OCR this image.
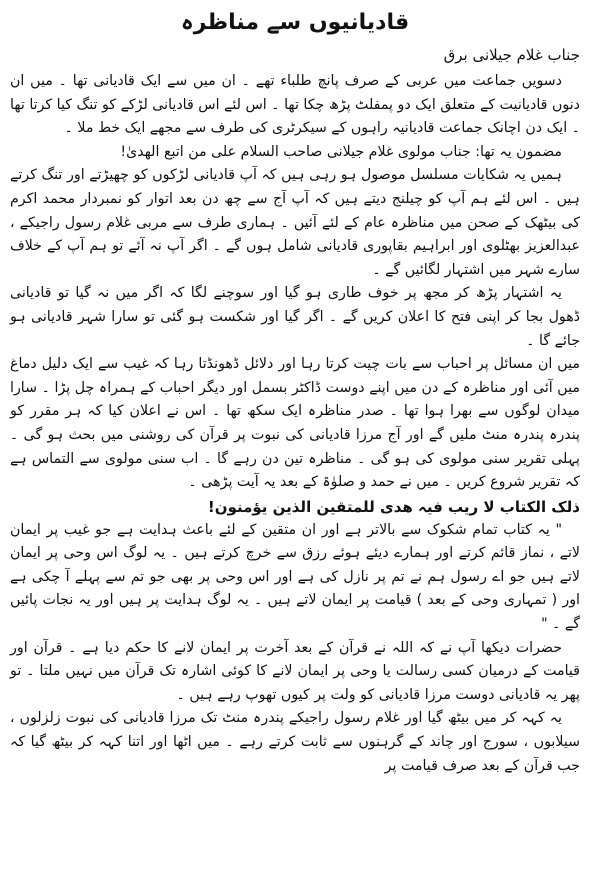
قادیانیوں سے مناظرہ
جناب غلام جیلانی برق

دسویں جماعت میں عربی کے صرف پانچ طلباء تھے ۔ ان میں سے ایک قادیانی تھا ۔ میں ان دنوں قادیانیت کے متعلق ایک دو پمفلٹ پڑھ چکا تھا ۔ اس لئے اس قادیانی لڑکے کو تنگ کیا کرتا تھا ۔ ایک دن اچانک جماعت قادیانیہ راہوں کے سیکرٹری کی طرف سے مجھے ایک خط ملا ۔

مضمون یہ تھا: جناب مولوی غلام جیلانی صاحب السلام علی من اتبع الھدیٰ!

ہمیں یہ شکایات مسلسل موصول ہو رہی ہیں کہ آپ قادیانی لڑکوں کو چھیڑتے اور تنگ کرتے ہیں ۔ اس لئے ہم آپ کو چیلنج دیتے ہیں کہ آپ آج سے چھ دن بعد اتوار کو نمبردار محمد اکرم کی بیٹھک کے صحن میں مناظرہ عام کے لئے آئیں ۔ ہماری طرف سے مربی غلام رسول راجیکے ، عبدالعزیز بھٹلوی اور ابراہیم بقاپوری قادیانی شامل ہوں گے ۔ اگر آپ نہ آئے تو ہم آپ کے خلاف سارے شہر میں اشتہار لگائیں گے ۔

یہ اشتہار پڑھ کر مجھ پر خوف طاری ہو گیا اور سوچنے لگا کہ اگر میں نہ گیا تو قادیانی ڈھول بجا کر اپنی فتح کا اعلان کریں گے ۔ اگر گیا اور شکست ہو گئی تو سارا شہر قادیانی ہو جائے گا ۔

میں ان مسائل پر احباب سے بات چیت کرتا رہا اور دلائل ڈھونڈتا رہا کہ غیب سے ایک دلیل دماغ میں آئی اور مناظرہ کے دن میں اپنے دوست ڈاکٹر بسمل اور دیگر احباب کے ہمراہ چل پڑا ۔ سارا میدان لوگوں سے بھرا ہوا تھا ۔ صدر مناظرہ ایک سکھ تھا ۔ اس نے اعلان کیا کہ ہر مقرر کو پندرہ پندرہ منٹ ملیں گے اور آج مرزا قادیانی کی نبوت پر قرآن کی روشنی میں بحث ہو گی ۔ پہلی تقریر سنی مولوی کی ہو گی ۔ مناظرہ تین دن رہے گا ۔ اب سنی مولوی سے التماس ہے کہ تقریر شروع کریں ۔ میں نے حمد و صلوٰۃ کے بعد یہ آیت پڑھی ۔

ذلک الکتاب لا ریب فیہ ھدی للمتقین الذین یؤمنون!

" یہ کتاب تمام شکوک سے بالاتر ہے اور ان متقین کے لئے باعث ہدایت ہے جو غیب پر ایمان لاتے ، نماز قائم کرتے اور ہمارے دیئے ہوئے رزق سے خرچ کرتے ہیں ۔ یہ لوگ اس وحی پر ایمان لاتے ہیں جو اے رسول ہم نے تم پر نازل کی ہے اور اس وحی پر بھی جو تم سے پہلے آ چکی ہے اور ( تمہاری وحی کے بعد ) قیامت پر ایمان لاتے ہیں ۔ یہ لوگ ہدایت پر ہیں اور یہ نجات پائیں گے ۔ "

حضرات دیکھا آپ نے کہ اللہ نے قرآن کے بعد آخرت پر ایمان لانے کا حکم دیا ہے ۔ قرآن اور قیامت کے درمیان کسی رسالت یا وحی پر ایمان لانے کا کوئی اشارہ تک قرآن میں نہیں ملتا ۔ تو پھر یہ قادیانی دوست مرزا قادیانی کو ولت پر کیوں تھوپ رہے ہیں ۔

یہ کہہ کر میں بیٹھ گیا اور غلام رسول راجیکے پندرہ منٹ تک مرزا قادیانی کی نبوت زلزلوں ، سیلابوں ، سورج اور چاند کے گرہنوں سے ثابت کرتے رہے ۔ میں اٹھا اور اتنا کہہ کر بیٹھ گیا کہ جب قرآن کے بعد صرف قیامت پر
